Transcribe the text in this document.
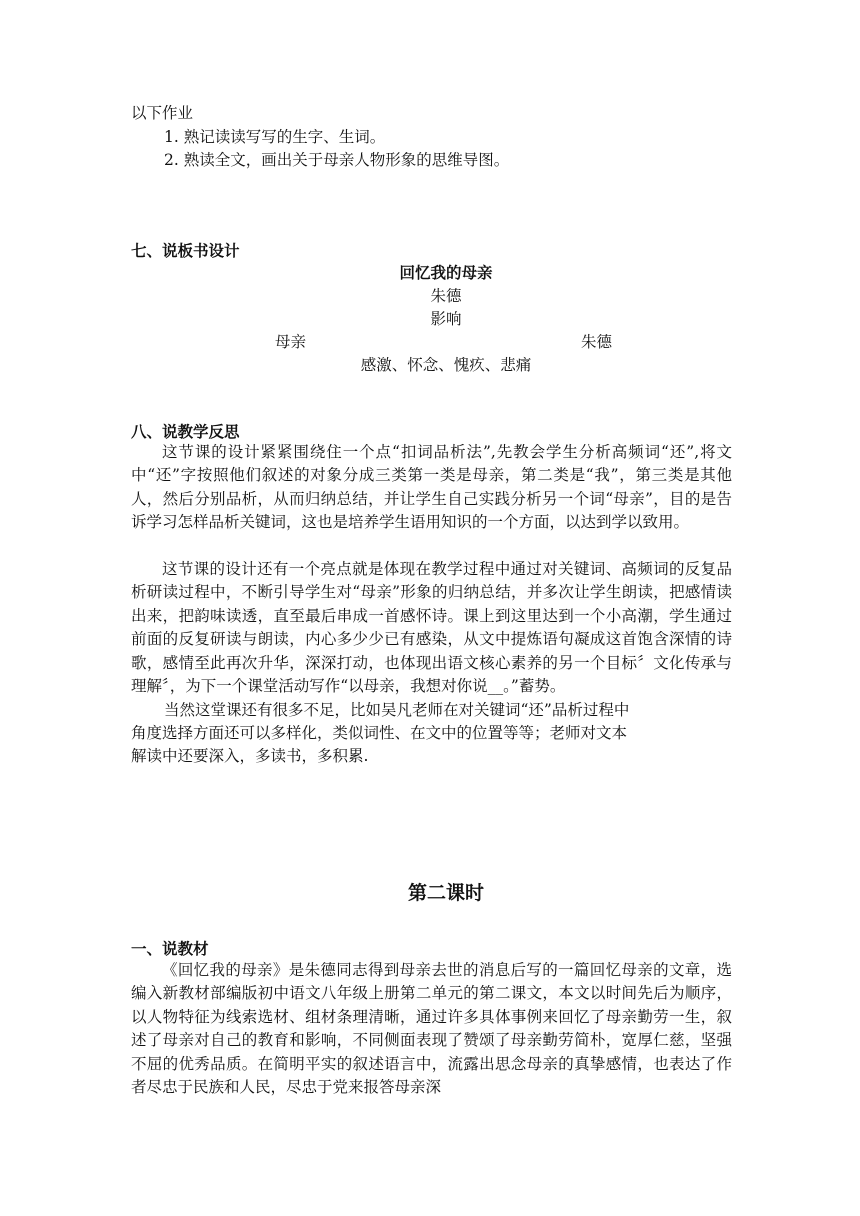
以下作业
1. 熟记读读写写的生字、生词。
2. 熟读全文，画出关于母亲人物形象的思维导图。
七、说板书设计
回忆我的母亲
朱德
影响
母亲	朱德
感激、怀念、愧疚、悲痛
八、说教学反思
这节课的设计紧紧围绕住一个点“扣词品析法”,先教会学生分析高频词“还”,将文中“还”字按照他们叙述的对象分成三类第一类是母亲，第二类是“我”，第三类是其他人，然后分别品析，从而归纳总结，并让学生自己实践分析另一个词“母亲”，目的是告诉学习怎样品析关键词，这也是培养学生语用知识的一个方面，以达到学以致用。
这节课的设计还有一个亮点就是体现在教学过程中通过对关键词、高频词的反复品析研读过程中，不断引导学生对“母亲”形象的归纳总结，并多次让学生朗读，把感情读出来，把韵味读透，直至最后串成一首感怀诗。课上到这里达到一个小高潮，学生通过前面的反复研读与朗读，内心多少少已有感染，从文中提炼语句凝成这首饱含深情的诗歌，感情至此再次升华，深深打动，也体现出语文核心素养的另一个目标〞文化传承与理解〞，为下一个课堂活动写作“以母亲，我想对你说__。”蓄势。
当然这堂课还有很多不足，比如吴凡老师在对关键词“还”品析过程中
角度选择方面还可以多样化，类似词性、在文中的位置等等；老师对文本
解读中还要深入，多读书，多积累.
第二课时
一、说教材
《回忆我的母亲》是朱德同志得到母亲去世的消息后写的一篇回忆母亲的文章，选编入新教材部编版初中语文八年级上册第二单元的第二课文，本文以时间先后为顺序，以人物特征为线索选材、组材条理清晰，通过许多具体事例来回忆了母亲勤劳一生，叙述了母亲对自己的教育和影响，不同侧面表现了赞颂了母亲勤劳简朴，宽厚仁慈，坚强不屈的优秀品质。在简明平实的叙述语言中，流露出思念母亲的真挚感情，也表达了作者尽忠于民族和人民，尽忠于党来报答母亲深
